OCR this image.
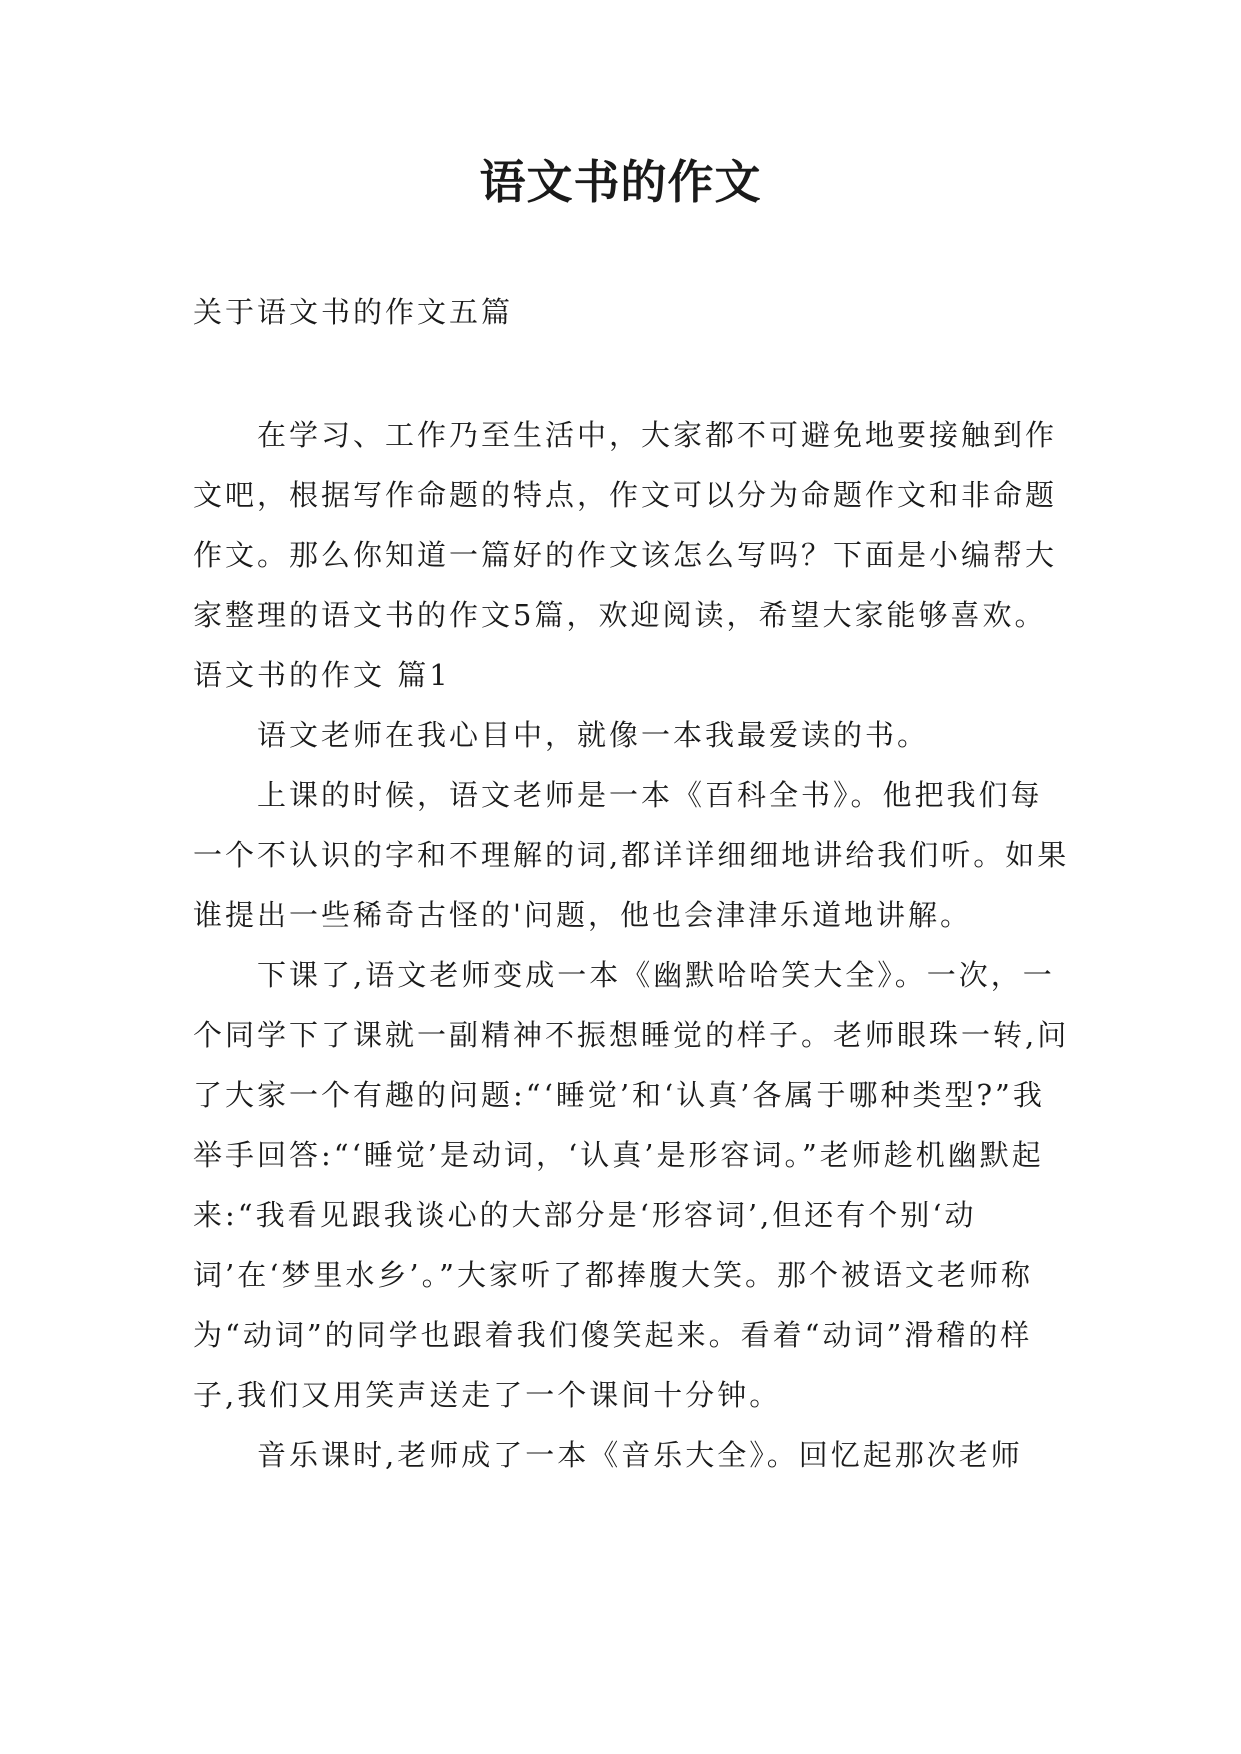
语文书的作文
关于语文书的作文五篇

在学习、工作乃至生活中，大家都不可避免地要接触到作文吧，根据写作命题的特点，作文可以分为命题作文和非命题作文。那么你知道一篇好的作文该怎么写吗？下面是小编帮大家整理的语文书的作文5篇，欢迎阅读，希望大家能够喜欢。

语文书的作文 篇1

语文老师在我心目中，就像一本我最爱读的书。

上课的时候，语文老师是一本《百科全书》。他把我们每一个不认识的字和不理解的词,都详详细细地讲给我们听。如果谁提出一些稀奇古怪的'问题，他也会津津乐道地讲解。

下课了,语文老师变成一本《幽默哈哈笑大全》。一次，一个同学下了课就一副精神不振想睡觉的样子。老师眼珠一转,问了大家一个有趣的问题:“‘睡觉’和‘认真’各属于哪种类型?”我举手回答:“‘睡觉’是动词，‘认真’是形容词。”老师趁机幽默起来:“我看见跟我谈心的大部分是‘形容词’,但还有个别‘动词’在‘梦里水乡’。”大家听了都捧腹大笑。那个被语文老师称为“动词”的同学也跟着我们傻笑起来。看着“动词”滑稽的样子,我们又用笑声送走了一个课间十分钟。

音乐课时,老师成了一本《音乐大全》。回忆起那次老师
